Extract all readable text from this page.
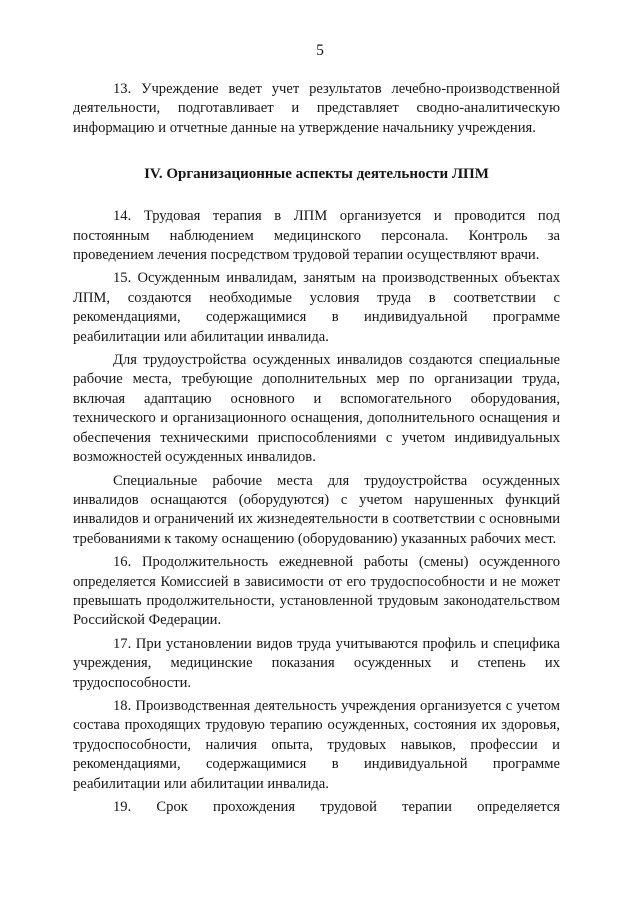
5

13. Учреждение ведет учет результатов лечебно-производственной деятельности, подготавливает и представляет сводно-аналитическую информацию и отчетные данные на утверждение начальнику учреждения.

IV. Организационные аспекты деятельности ЛПМ

14. Трудовая терапия в ЛПМ организуется и проводится под постоянным наблюдением медицинского персонала. Контроль за проведением лечения посредством трудовой терапии осуществляют врачи.

15. Осужденным инвалидам, занятым на производственных объектах ЛПМ, создаются необходимые условия труда в соответствии с рекомендациями, содержащимися в индивидуальной программе реабилитации или абилитации инвалида.

Для трудоустройства осужденных инвалидов создаются специальные рабочие места, требующие дополнительных мер по организации труда, включая адаптацию основного и вспомогательного оборудования, технического и организационного оснащения, дополнительного оснащения и обеспечения техническими приспособлениями с учетом индивидуальных возможностей осужденных инвалидов.

Специальные рабочие места для трудоустройства осужденных инвалидов оснащаются (оборудуются) с учетом нарушенных функций инвалидов и ограничений их жизнедеятельности в соответствии с основными требованиями к такому оснащению (оборудованию) указанных рабочих мест.

16. Продолжительность ежедневной работы (смены) осужденного определяется Комиссией в зависимости от его трудоспособности и не может превышать продолжительности, установленной трудовым законодательством Российской Федерации.

17. При установлении видов труда учитываются профиль и специфика учреждения, медицинские показания осужденных и степень их трудоспособности.

18. Производственная деятельность учреждения организуется с учетом состава проходящих трудовую терапию осужденных, состояния их здоровья, трудоспособности, наличия опыта, трудовых навыков, профессии и рекомендациями, содержащимися в индивидуальной программе реабилитации или абилитации инвалида.

19. Срок прохождения трудовой терапии определяется
